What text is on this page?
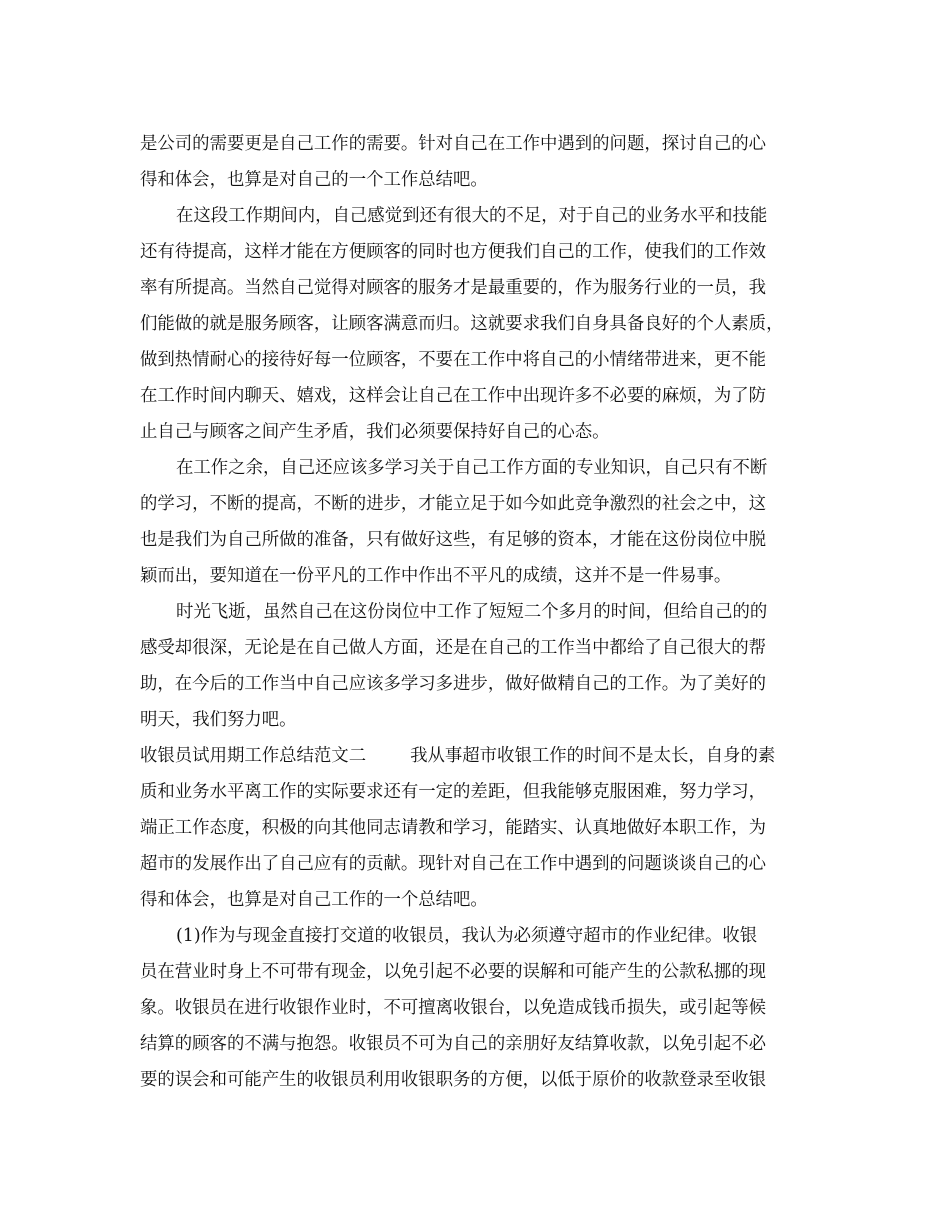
是公司的需要更是自己工作的需要。针对自己在工作中遇到的问题，探讨自己的心
得和体会，也算是对自己的一个工作总结吧。
在这段工作期间内，自己感觉到还有很大的不足，对于自己的业务水平和技能
还有待提高，这样才能在方便顾客的同时也方便我们自己的工作，使我们的工作效
率有所提高。当然自己觉得对顾客的服务才是最重要的，作为服务行业的一员，我
们能做的就是服务顾客，让顾客满意而归。这就要求我们自身具备良好的个人素质，
做到热情耐心的接待好每一位顾客，不要在工作中将自己的小情绪带进来，更不能
在工作时间内聊天、嬉戏，这样会让自己在工作中出现许多不必要的麻烦，为了防
止自己与顾客之间产生矛盾，我们必须要保持好自己的心态。
在工作之余，自己还应该多学习关于自己工作方面的专业知识，自己只有不断
的学习，不断的提高，不断的进步，才能立足于如今如此竞争激烈的社会之中，这
也是我们为自己所做的准备，只有做好这些，有足够的资本，才能在这份岗位中脱
颖而出，要知道在一份平凡的工作中作出不平凡的成绩，这并不是一件易事。
时光飞逝，虽然自己在这份岗位中工作了短短二个多月的时间，但给自己的的
感受却很深，无论是在自己做人方面，还是在自己的工作当中都给了自己很大的帮
助，在今后的工作当中自己应该多学习多进步，做好做精自己的工作。为了美好的
明天，我们努力吧。
收银员试用期工作总结范文二	我从事超市收银工作的时间不是太长，自身的素
质和业务水平离工作的实际要求还有一定的差距，但我能够克服困难，努力学习，
端正工作态度，积极的向其他同志请教和学习，能踏实、认真地做好本职工作，为
超市的发展作出了自己应有的贡献。现针对自己在工作中遇到的问题谈谈自己的心
得和体会，也算是对自己工作的一个总结吧。
(1)作为与现金直接打交道的收银员，我认为必须遵守超市的作业纪律。收银
员在营业时身上不可带有现金，以免引起不必要的误解和可能产生的公款私挪的现
象。收银员在进行收银作业时，不可擅离收银台，以免造成钱币损失，或引起等候
结算的顾客的不满与抱怨。收银员不可为自己的亲朋好友结算收款，以免引起不必
要的误会和可能产生的收银员利用收银职务的方便，以低于原价的收款登录至收银
